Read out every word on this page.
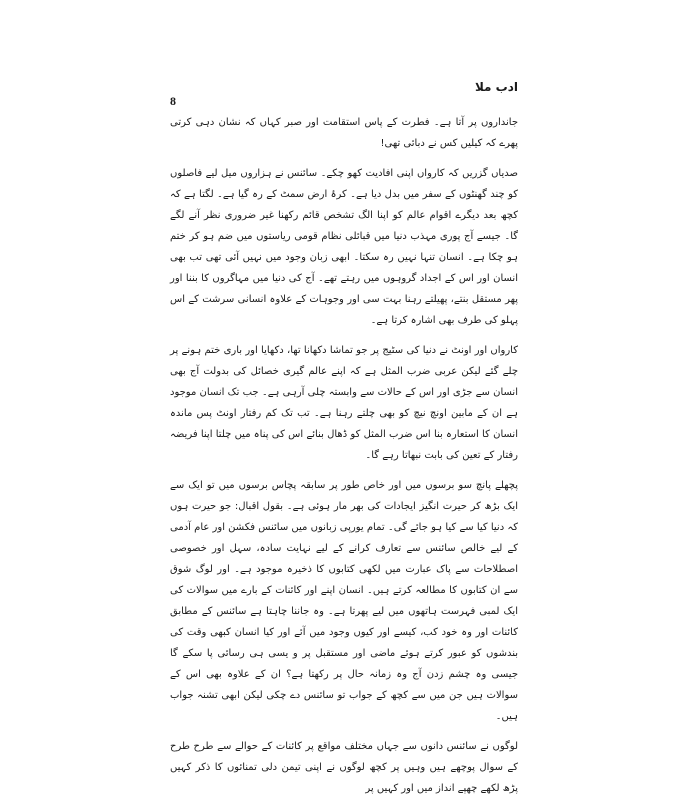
ادب ملا
8

جانداروں پر آتا ہے۔ فطرت کے پاس استقامت اور صبر کہاں کہ نشان دہی کرتی پھرے کہ کیلیں کس نے دبائی تھی!

صدیاں گزریں کہ کارواں اپنی افادیت کھو چکے۔ سائنس نے ہزاروں میل لیے فاصلوں کو چند گھنٹوں کے سفر میں بدل دیا ہے۔ کرۂ ارض سمٹ کے رہ گیا ہے۔ لگتا ہے کہ کچھ بعد دیگرے اقوام عالم کو اپنا الگ تشخص قائم رکھنا غیر ضروری نظر آنے لگے گا۔ جیسے آج پوری مہذب دنیا میں قبائلی نظام قومی ریاستوں میں ضم ہو کر ختم ہو چکا ہے۔ انسان تنہا نہیں رہ سکتا۔ ابھی زبان وجود میں نہیں آئی تھی تب بھی انسان اور اس کے اجداد گروہوں میں رہتے تھے۔ آج کی دنیا میں مہاگروں کا بننا اور پھر مستقل بنتے، پھیلتے رہنا بہت سی اور وجوہات کے علاوہ انسانی سرشت کے اس پہلو کی طرف بھی اشارہ کرتا ہے۔

کارواں اور اونٹ نے دنیا کی سٹیج پر جو تماشا دکھانا تھا، دکھایا اور باری ختم ہونے پر چلے گئے لیکن عربی ضرب المثل ہے کہ اپنے عالم گیری خصائل کی بدولت آج بھی انسان سے جڑی اور اس کے حالات سے وابستہ چلی آرہی ہے۔ جب تک انسان موجود ہے ان کے مابین اونچ نیچ کو بھی چلتے رہنا ہے۔ تب تک کم رفتار اونٹ پس ماندہ انسان کا استعارہ بنا اس ضرب المثل کو ڈھال بنائے اس کی پناہ میں چلتا اپنا فریضہ رفتار کے تعین کی بابت نبھاتا رہے گا۔

پچھلے پانچ سو برسوں میں اور خاص طور پر سابقہ پچاس برسوں میں تو ایک سے ایک بڑھ کر حیرت انگیز ایجادات کی بھر مار ہوئی ہے۔ بقول اقبال: جو حیرت ہوں کہ دنیا کیا سے کیا ہو جائے گی۔ تمام یورپی زبانوں میں سائنس فکشن اور عام آدمی کے لیے خالص سائنس سے تعارف کرانے کے لیے نہایت سادہ، سہل اور خصوصی اصطلاحات سے پاک عبارت میں لکھی کتابوں کا ذخیرہ موجود ہے۔ اور لوگ شوق سے ان کتابوں کا مطالعہ کرتے ہیں۔ انسان اپنے اور کائنات کے بارے میں سوالات کی ایک لمبی فہرست ہاتھوں میں لیے پھرتا ہے۔ وہ جاننا چاہتا ہے سائنس کے مطابق کائنات اور وہ خود کب، کیسے اور کیوں وجود میں آئے اور کیا انسان کبھی وقت کی بندشوں کو عبور کرتے ہوئے ماضی اور مستقبل پر و یسی ہی رسائی پا سکے گا جیسی وہ چشم زدن آج وہ زمانہ حال پر رکھتا ہے؟ ان کے علاوہ بھی اس کے سوالات ہیں جن میں سے کچھ کے جواب تو سائنس دے چکی لیکن ابھی تشنہ جواب ہیں۔

لوگوں نے سائنس دانوں سے جہاں مختلف مواقع پر کائنات کے حوالے سے طرح طرح کے سوال پوچھے ہیں وہیں پر کچھ لوگوں نے اپنی تیمن دلی تمنائوں کا ذکر کہیں پڑھ لکھے چھپے انداز میں اور کہیں پر
